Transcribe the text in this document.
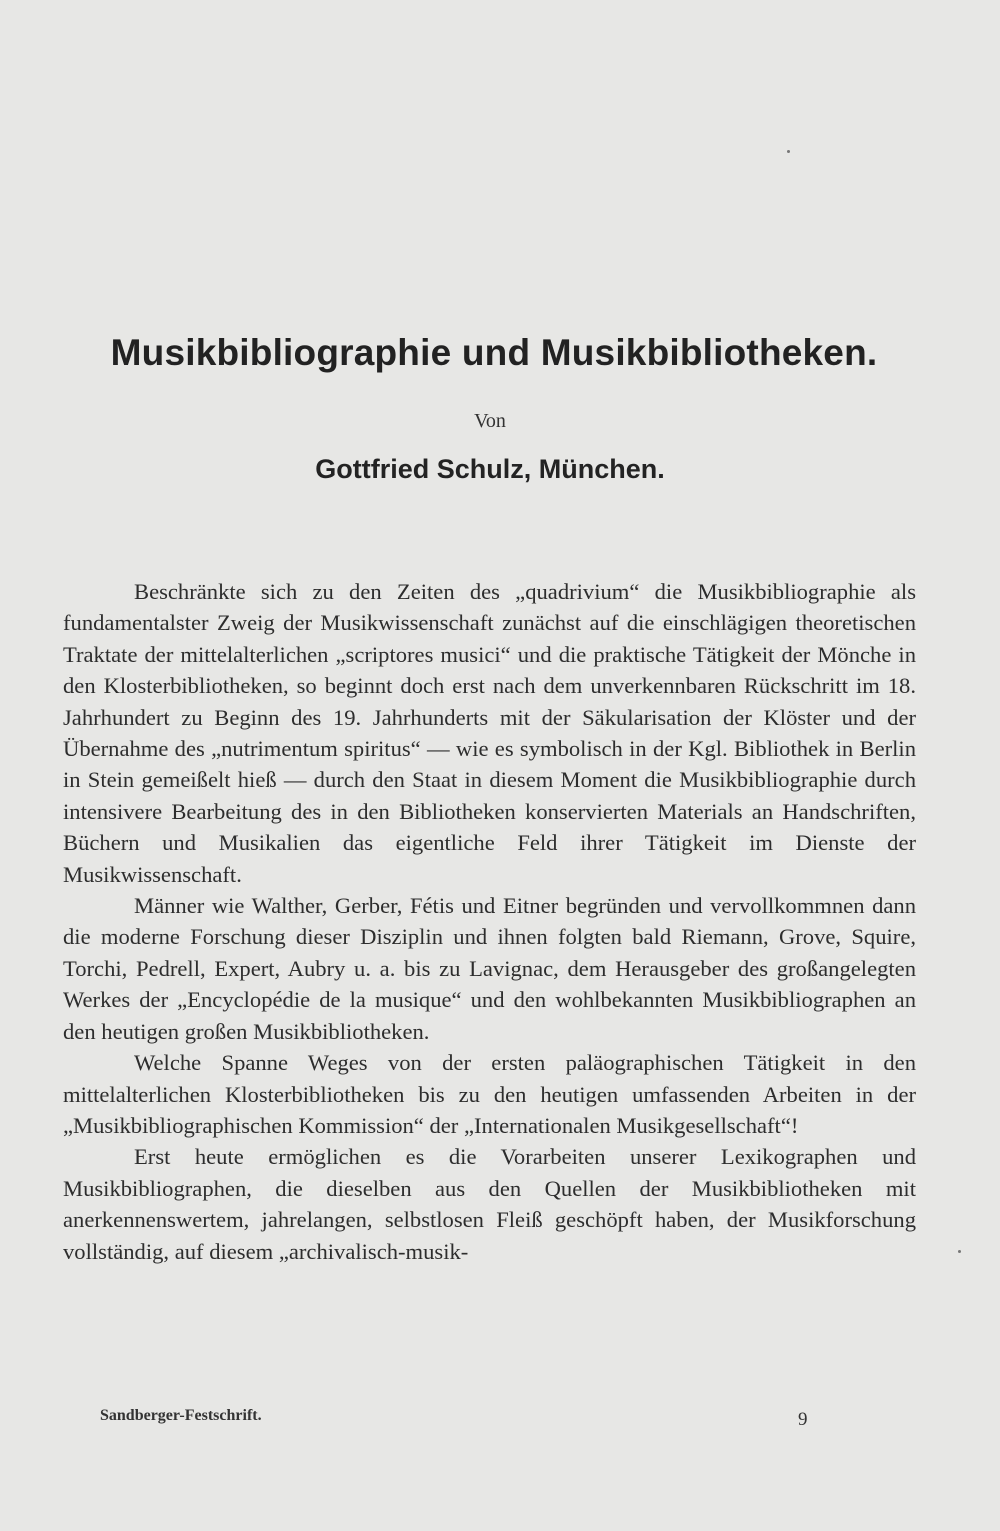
Musikbibliographie und Musikbibliotheken.
Von
Gottfried Schulz, München.

Beschränkte sich zu den Zeiten des „quadrivium“ die Musikbibliographie als fundamentalster Zweig der Musikwissenschaft zunächst auf die einschlägigen theoretischen Traktate der mittelalterlichen „scriptores musici“ und die praktische Tätigkeit der Mönche in den Klosterbibliotheken, so beginnt doch erst nach dem unverkennbaren Rückschritt im 18. Jahrhundert zu Beginn des 19. Jahrhunderts mit der Säkularisation der Klöster und der Übernahme des „nutrimentum spiritus“ — wie es symbolisch in der Kgl. Bibliothek in Berlin in Stein gemeißelt hieß — durch den Staat in diesem Moment die Musikbibliographie durch intensivere Bearbeitung des in den Bibliotheken konservierten Materials an Handschriften, Büchern und Musikalien das eigentliche Feld ihrer Tätigkeit im Dienste der Musikwissenschaft.

Männer wie Walther, Gerber, Fétis und Eitner begründen und vervollkommnen dann die moderne Forschung dieser Disziplin und ihnen folgten bald Riemann, Grove, Squire, Torchi, Pedrell, Expert, Aubry u. a. bis zu Lavignac, dem Herausgeber des großangelegten Werkes der „Encyclopédie de la musique“ und den wohlbekannten Musikbibliographen an den heutigen großen Musikbibliotheken.

Welche Spanne Weges von der ersten paläographischen Tätigkeit in den mittelalterlichen Klosterbibliotheken bis zu den heutigen umfassenden Arbeiten in der „Musikbibliographischen Kommission“ der „Internationalen Musikgesellschaft“!

Erst heute ermöglichen es die Vorarbeiten unserer Lexikographen und Musikbibliographen, die dieselben aus den Quellen der Musikbibliotheken mit anerkennenswertem, jahrelangen, selbstlosen Fleiß geschöpft haben, der Musikforschung vollständig, auf diesem „archivalisch-musik-

Sandberger-Festschrift.	9
